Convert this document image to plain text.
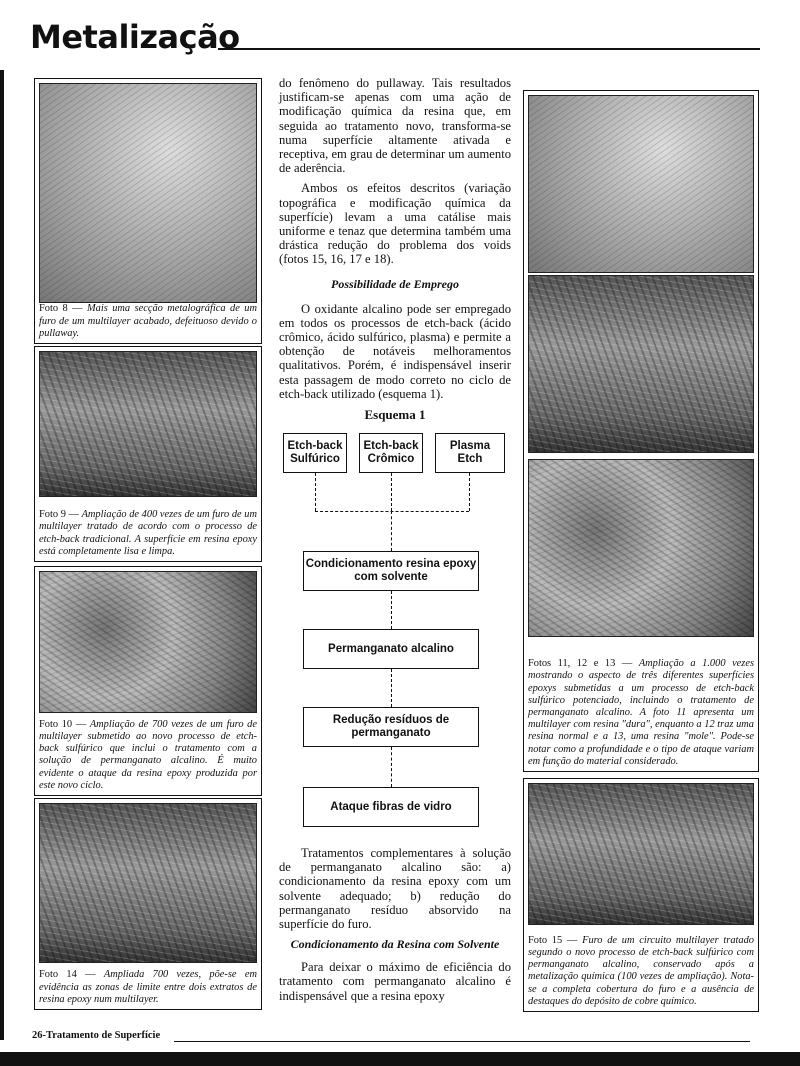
Metalização
Foto 8 — Mais uma secção metalográfica de um furo de um multilayer acabado, defeituoso devido o pullaway.
Foto 9 — Ampliação de 400 vezes de um furo de um multilayer tratado de acordo com o processo de etch-back tradicional. A superfície em resina epoxy está completamente lisa e limpa.
Foto 10 — Ampliação de 700 vezes de um furo de multilayer submetido ao novo processo de etch-back sulfúrico que inclui o tratamento com a solução de permanganato alcalino. É muito evidente o ataque da resina epoxy produzida por este novo ciclo.
Foto 14 — Ampliada 700 vezes, põe-se em evidência as zonas de limite entre dois extratos de resina epoxy num multilayer.

do fenômeno do pullaway. Tais resultados justificam-se apenas com uma ação de modificação química da resina que, em seguida ao tratamento novo, transforma-se numa superfície altamente ativada e receptiva, em grau de determinar um aumento de aderência.

Ambos os efeitos descritos (variação topográfica e modificação química da superfície) levam a uma catálise mais uniforme e tenaz que determina também uma drástica redução do problema dos voids (fotos 15, 16, 17 e 18).

Possibilidade de Emprego

O oxidante alcalino pode ser empregado em todos os processos de etch-back (ácido crômico, ácido sulfúrico, plasma) e permite a obtenção de notáveis melhoramentos qualitativos. Porém, é indispensável inserir esta passagem de modo correto no ciclo de etch-back utilizado (esquema 1).

Esquema 1
Etch-back Sulfúrico
Etch-back Crômico
Plasma Etch
Condicionamento resina epoxy com solvente
Permanganato alcalino
Redução resíduos de permanganato
Ataque fibras de vidro

Tratamentos complementares à solução de permanganato alcalino são: a) condicionamento da resina epoxy com um solvente adequado; b) redução do permanganato resíduo absorvido na superfície do furo.

Condicionamento da Resina com Solvente

Para deixar o máximo de eficiência do tratamento com permanganato alcalino é indispensável que a resina epoxy

Fotos 11, 12 e 13 — Ampliação a 1.000 vezes mostrando o aspecto de três diferentes superfícies epoxys submetidas a um processo de etch-back sulfúrico potenciado, incluindo o tratamento de permanganato alcalino. A foto 11 apresenta um multilayer com resina "dura", enquanto a 12 traz uma resina normal e a 13, uma resina "mole". Pode-se notar como a profundidade e o tipo de ataque variam em função do material considerado.
Foto 15 — Furo de um circuito multilayer tratado segundo o novo processo de etch-back sulfúrico com permanganato alcalino, conservado após a metalização química (100 vezes de ampliação). Nota-se a completa cobertura do furo e a ausência de destaques do depósito de cobre químico.
26-Tratamento de Superfície
